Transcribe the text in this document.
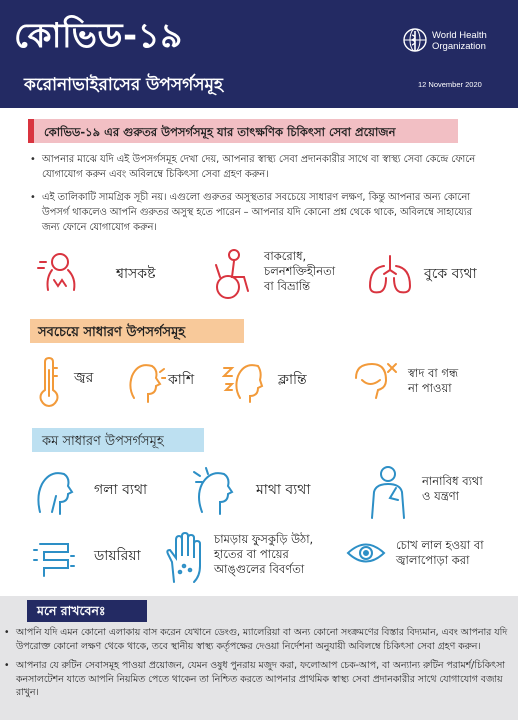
কোভিড-১৯
করোনাভাইরাসের উপসর্গসমূহ
World Health
Organization
12 November 2020
কোভিড-১৯ এর গুরুতর উপসর্গসমূহ যার তাৎক্ষণিক চিকিৎসা সেবা প্রয়োজন
• আপনার মাঝে যদি এই উপসর্গসমূহ দেখা দেয়, আপনার স্বাস্থ্য সেবা প্রদানকারীর সাথে বা স্বাস্থ্য সেবা কেন্দ্রে ফোনে যোগাযোগ করুন এবং অবিলম্বে চিকিৎসা সেবা গ্রহণ করুন।
• এই তালিকাটি সামগ্রিক সূচী নয়। এগুলো গুরুতর অসুস্থতার সবচেয়ে সাধারণ লক্ষণ, কিন্তু আপনার অন্য কোনো উপসর্গ থাকলেও আপনি গুরুতর অসুস্থ হতে পারেন – আপনার যদি কোনো প্রশ্ন থেকে থাকে, অবিলম্বে সাহায্যের জন্য ফোনে যোগাযোগ করুন।
শ্বাসকষ্ট
বাকরোধ,
চলনশক্তিহীনতা
বা বিভ্রান্তি
বুকে ব্যথা
সবচেয়ে সাধারণ উপসর্গসমূহ
জ্বর	কাশি	ক্লান্তি	স্বাদ বা গন্ধ
না পাওয়া
কম সাধারণ উপসর্গসমূহ
গলা ব্যথা	মাথা ব্যথা
নানাবিধ ব্যথা
ও যন্ত্রণা
ডায়রিয়া
চামড়ায় ফুসকুড়ি উঠা,
হাতের বা পায়ের
আঙ্গুলের বিবর্ণতা
চোখ লাল হওয়া বা
জ্বালাপোড়া করা
• আপনি যদি এমন কোনো এলাকায় বাস করেন যেখানে ডেংগু, ম্যালেরিয়া বা অন্য কোনো সংক্রমণের বিস্তার বিদ্যমান, এবং আপনার যদি উপরোক্ত কোনো লক্ষণ থেকে থাকে, তবে স্থানীয় স্বাস্থ্য কর্তৃপক্ষের দেওয়া নির্দেশনা অনুযায়ী অবিলম্বে চিকিৎসা সেবা গ্রহণ করুন।
• আপনার যে রুটিন সেবাসমূহ পাওয়া প্রয়োজন, যেমন ওষুধ পুনরায় মজুদ করা, ফলোআপ চেক-আপ, বা অন্যান্য রুটিন পরামর্শ/চিকিৎসা কনসালটেশন যাতে আপনি নিয়মিত পেতে থাকেন তা নিশ্চিত করতে আপনার প্রাথমিক স্বাস্থ্য সেবা প্রদানকারীর সাথে যোগাযোগ বজায় রাখুন।
মনে রাখবেনঃ
